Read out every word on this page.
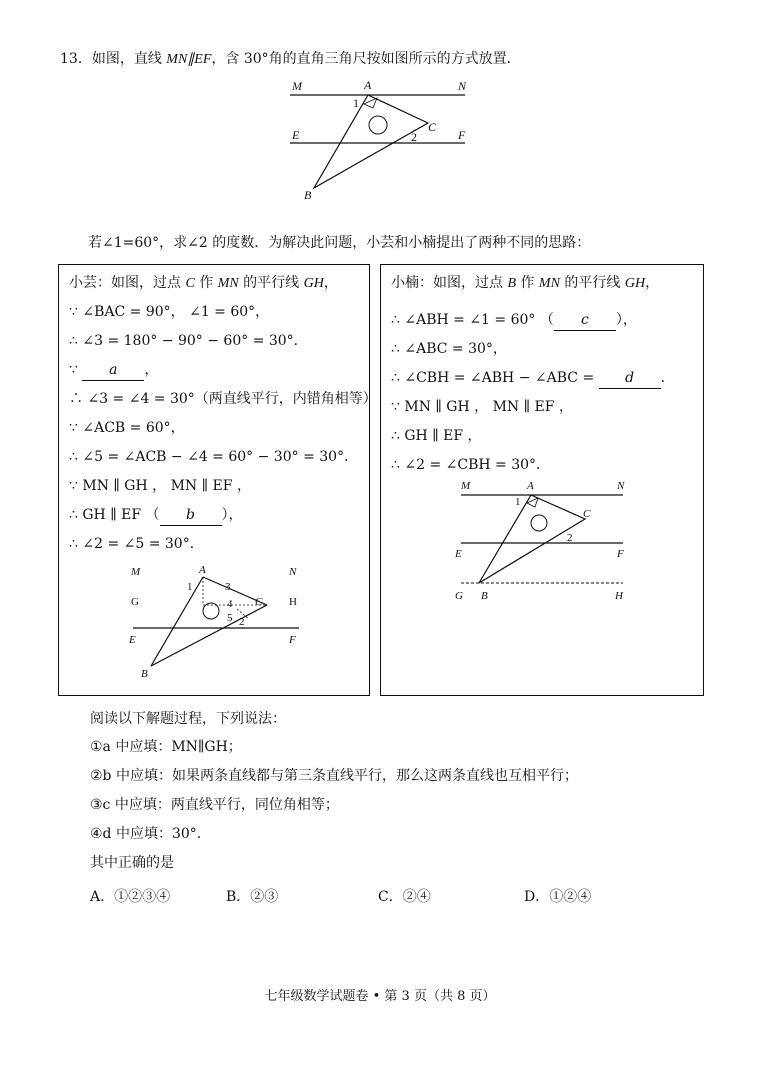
13．如图，直线 MN∥EF，含 30°角的直角三角尺按如图所示的方式放置．
M	A	N
1
C
E	2	F
B
若∠1=60°，求∠2 的度数．为解决此问题，小芸和小楠提出了两种不同的思路：
小芸：如图，过点 C 作 MN 的平行线 GH，
∵ ∠BAC = 90°， ∠1 = 60°，
∴ ∠3 = 180° − 90° − 60° = 30°．
∵ a ，
∴ ∠3 = ∠4 = 30°（两直线平行，内错角相等）
∵ ∠ACB = 60°，
∴ ∠5 = ∠ACB − ∠4 = 60° − 30° = 30°．
∵ MN ∥ GH ， MN ∥ EF ，
∴ GH ∥ EF （ b ），
∴ ∠2 = ∠5 = 30°．
M	A	N
G
1	3
H
4 C
5 2
E	F
B
小楠：如图，过点 B 作 MN 的平行线 GH，
∴ ∠ABH = ∠1 = 60° （ c ），
∴ ∠ABC = 30°，
∴ ∠CBH = ∠ABH − ∠ABC = d ．
∵ MN ∥ GH ， MN ∥ EF ，
∴ GH ∥ EF ，
∴ ∠2 = ∠CBH = 30°．
M	A	N
1
C
E
2
F
G B	H
阅读以下解题过程，下列说法：
①a 中应填：MN∥GH；
②b 中应填：如果两条直线都与第三条直线平行，那么这两条直线也互相平行；
③c 中应填：两直线平行，同位角相等；
④d 中应填：30°.
其中正确的是
A．①②③④	B．②③	C．②④	D．①②④
七年级数学试题卷 • 第 3 页（共 8 页）
